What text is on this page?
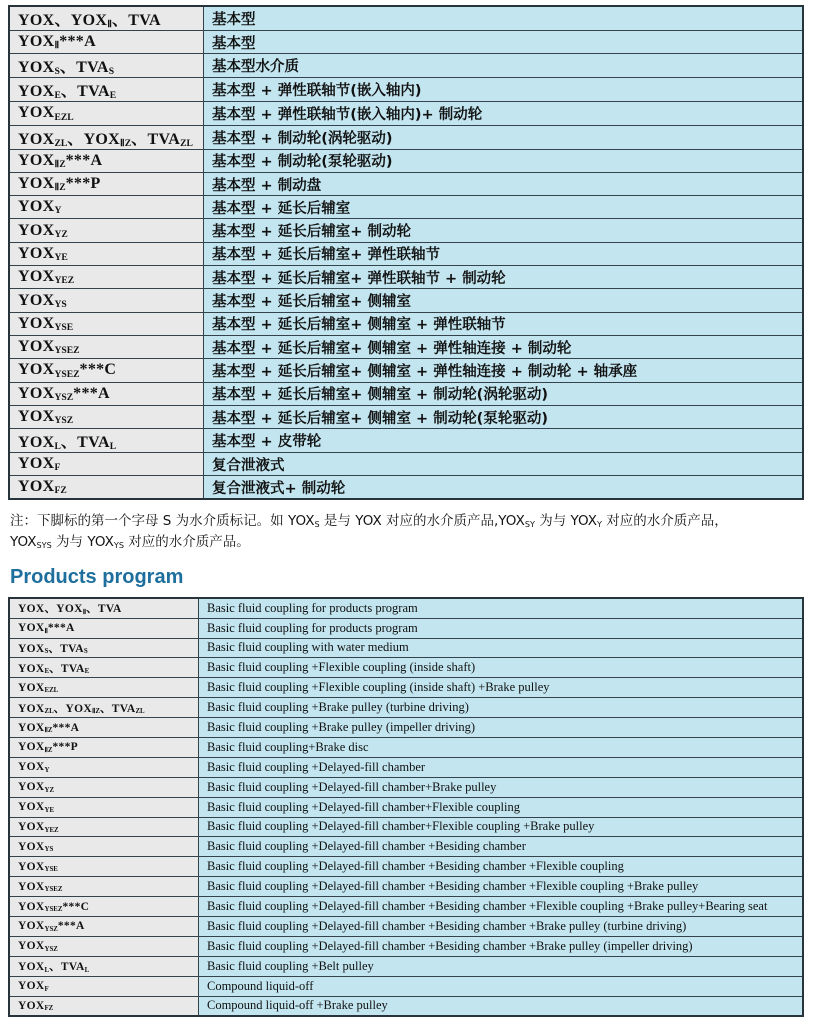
YOX、$YOX_Ⅱ$、TVA	基本型
$YOX_Ⅱ***A$	基本型
$YOX_S$、$TVA_S$	基本型水介质
$YOX_E$、$TVA_E$	基本型 + 弹性联轴节(嵌入轴内)
$YOX_{EZL}$	基本型 + 弹性联轴节(嵌入轴内)+ 制动轮
$YOX_{ZL}$、$YOX_{ⅡZ}$、$TVA_{ZL}$	基本型 + 制动轮(涡轮驱动)
$YOX_{ⅡZ}***A$	基本型 + 制动轮(泵轮驱动)
$YOX_{ⅡZ}***P$	基本型 + 制动盘
$YOX_Y$	基本型 + 延长后辅室
$YOX_{YZ}$	基本型 + 延长后辅室+ 制动轮
$YOX_{YE}$	基本型 + 延长后辅室+ 弹性联轴节
$YOX_{YEZ}$	基本型 + 延长后辅室+ 弹性联轴节 + 制动轮
$YOX_{YS}$	基本型 + 延长后辅室+ 侧辅室
$YOX_{YSE}$	基本型 + 延长后辅室+ 侧辅室 + 弹性联轴节
$YOX_{YSEZ}$	基本型 + 延长后辅室+ 侧辅室 + 弹性轴连接 + 制动轮
$YOX_{YSEZ}***C$	基本型 + 延长后辅室+ 侧辅室 + 弹性轴连接 + 制动轮 + 轴承座
$YOX_{YSZ}***A$	基本型 + 延长后辅室+ 侧辅室 + 制动轮(涡轮驱动)
$YOX_{YSZ}$	基本型 + 延长后辅室+ 侧辅室 + 制动轮(泵轮驱动)
$YOX_L$、$TVA_L$	基本型 + 皮带轮
$YOX_F$	复合泄液式
$YOX_{FZ}$	复合泄液式+ 制动轮

注：下脚标的第一个字母 S 为水介质标记。如 $YOX_S$ 是与 YOX 对应的水介质产品$,YOX_{SY}$ 为与 $YOX_Y$ 对应的水介质产品，
$YOX_{SYS}$ 为与 $YOX_{YS}$ 对应的水介质产品。

Products program
YOX、$YOX_Ⅱ$、TVA	Basic fluid coupling for products program
$YOX_Ⅱ***A$	Basic fluid coupling for products program
$YOX_S$、$TVA_S$	Basic fluid coupling with water medium
$YOX_E$、$TVA_E$	Basic fluid coupling +Flexible coupling (inside shaft)
$YOX_{EZL}$	Basic fluid coupling +Flexible coupling (inside shaft) +Brake pulley
$YOX_{ZL}$、$YOX_{ⅡZ}$、$TVA_{ZL}$	Basic fluid coupling +Brake pulley (turbine driving)
$YOX_{ⅡZ}***A$	Basic fluid coupling +Brake pulley (impeller driving)
$YOX_{ⅡZ}***P$	Basic fluid coupling+Brake disc
$YOX_Y$	Basic fluid coupling +Delayed-fill chamber
$YOX_{YZ}$	Basic fluid coupling +Delayed-fill chamber+Brake pulley
$YOX_{YE}$	Basic fluid coupling +Delayed-fill chamber+Flexible coupling
$YOX_{YEZ}$	Basic fluid coupling +Delayed-fill chamber+Flexible coupling +Brake pulley
$YOX_{YS}$	Basic fluid coupling +Delayed-fill chamber +Besiding chamber
$YOX_{YSE}$	Basic fluid coupling +Delayed-fill chamber +Besiding chamber +Flexible coupling
$YOX_{YSEZ}$	Basic fluid coupling +Delayed-fill chamber +Besiding chamber +Flexible coupling +Brake pulley
$YOX_{YSEZ}***C$	Basic fluid coupling +Delayed-fill chamber +Besiding chamber +Flexible coupling +Brake pulley+Bearing seat
$YOX_{YSZ}***A$	Basic fluid coupling +Delayed-fill chamber +Besiding chamber +Brake pulley (turbine driving)
$YOX_{YSZ}$	Basic fluid coupling +Delayed-fill chamber +Besiding chamber +Brake pulley (impeller driving)
$YOX_L$、$TVA_L$	Basic fluid coupling +Belt pulley
$YOX_F$	Compound liquid-off
$YOX_{FZ}$	Compound liquid-off +Brake pulley
